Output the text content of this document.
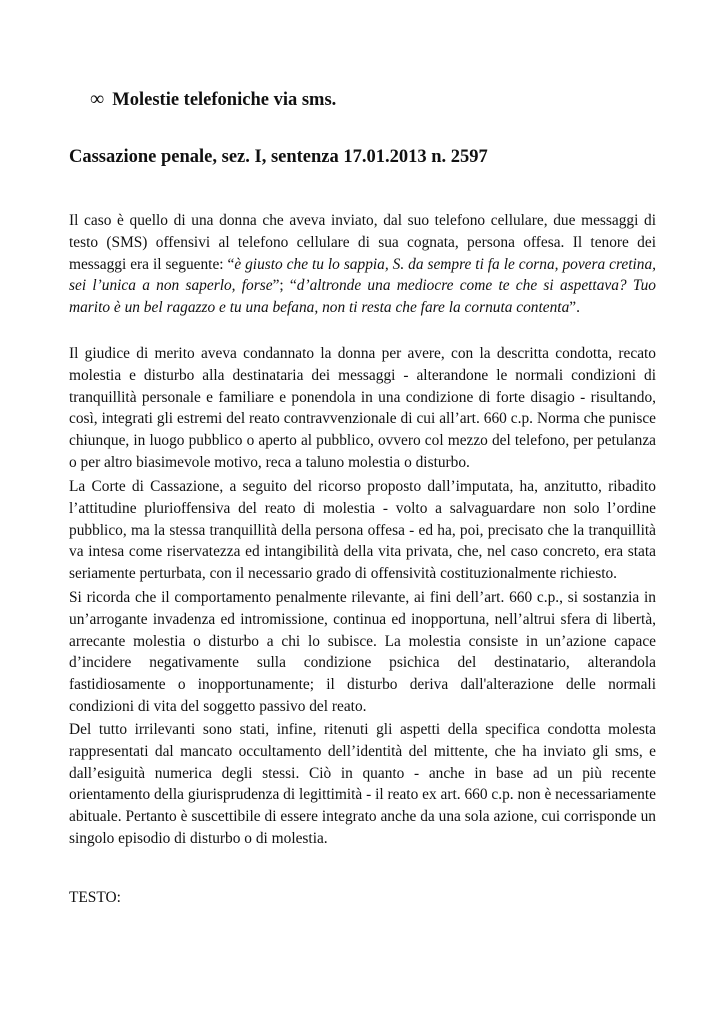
∞ Molestie telefoniche via sms.
Cassazione penale, sez. I, sentenza 17.01.2013 n. 2597

Il caso è quello di una donna che aveva inviato, dal suo telefono cellulare, due messaggi di testo (SMS) offensivi al telefono cellulare di sua cognata, persona offesa. Il tenore dei messaggi era il seguente: “è giusto che tu lo sappia, S. da sempre ti fa le corna, povera cretina, sei l’unica a non saperlo, forse”; “d’altronde una mediocre come te che si aspettava? Tuo marito è un bel ragazzo e tu una befana, non ti resta che fare la cornuta contenta”.

Il giudice di merito aveva condannato la donna per avere, con la descritta condotta, recato molestia e disturbo alla destinataria dei messaggi - alterandone le normali condizioni di tranquillità personale e familiare e ponendola in una condizione di forte disagio - risultando, così, integrati gli estremi del reato contravvenzionale di cui all’art. 660 c.p. Norma che punisce chiunque, in luogo pubblico o aperto al pubblico, ovvero col mezzo del telefono, per petulanza o per altro biasimevole motivo, reca a taluno molestia o disturbo.

La Corte di Cassazione, a seguito del ricorso proposto dall’imputata, ha, anzitutto, ribadito l’attitudine plurioffensiva del reato di molestia - volto a salvaguardare non solo l’ordine pubblico, ma la stessa tranquillità della persona offesa - ed ha, poi, precisato che la tranquillità va intesa come riservatezza ed intangibilità della vita privata, che, nel caso concreto, era stata seriamente perturbata, con il necessario grado di offensività costituzionalmente richiesto.

Si ricorda che il comportamento penalmente rilevante, ai fini dell’art. 660 c.p., si sostanzia in un’arrogante invadenza ed intromissione, continua ed inopportuna, nell’altrui sfera di libertà, arrecante molestia o disturbo a chi lo subisce. La molestia consiste in un’azione capace d’incidere negativamente sulla condizione psichica del destinatario, alterandola fastidiosamente o inopportunamente; il disturbo deriva dall'alterazione delle normali condizioni di vita del soggetto passivo del reato.

Del tutto irrilevanti sono stati, infine, ritenuti gli aspetti della specifica condotta molesta rappresentati dal mancato occultamento dell’identità del mittente, che ha inviato gli sms, e dall’esiguità numerica degli stessi. Ciò in quanto - anche in base ad un più recente orientamento della giurisprudenza di legittimità - il reato ex art. 660 c.p. non è necessariamente abituale. Pertanto è suscettibile di essere integrato anche da una sola azione, cui corrisponde un singolo episodio di disturbo o di molestia.

TESTO:
